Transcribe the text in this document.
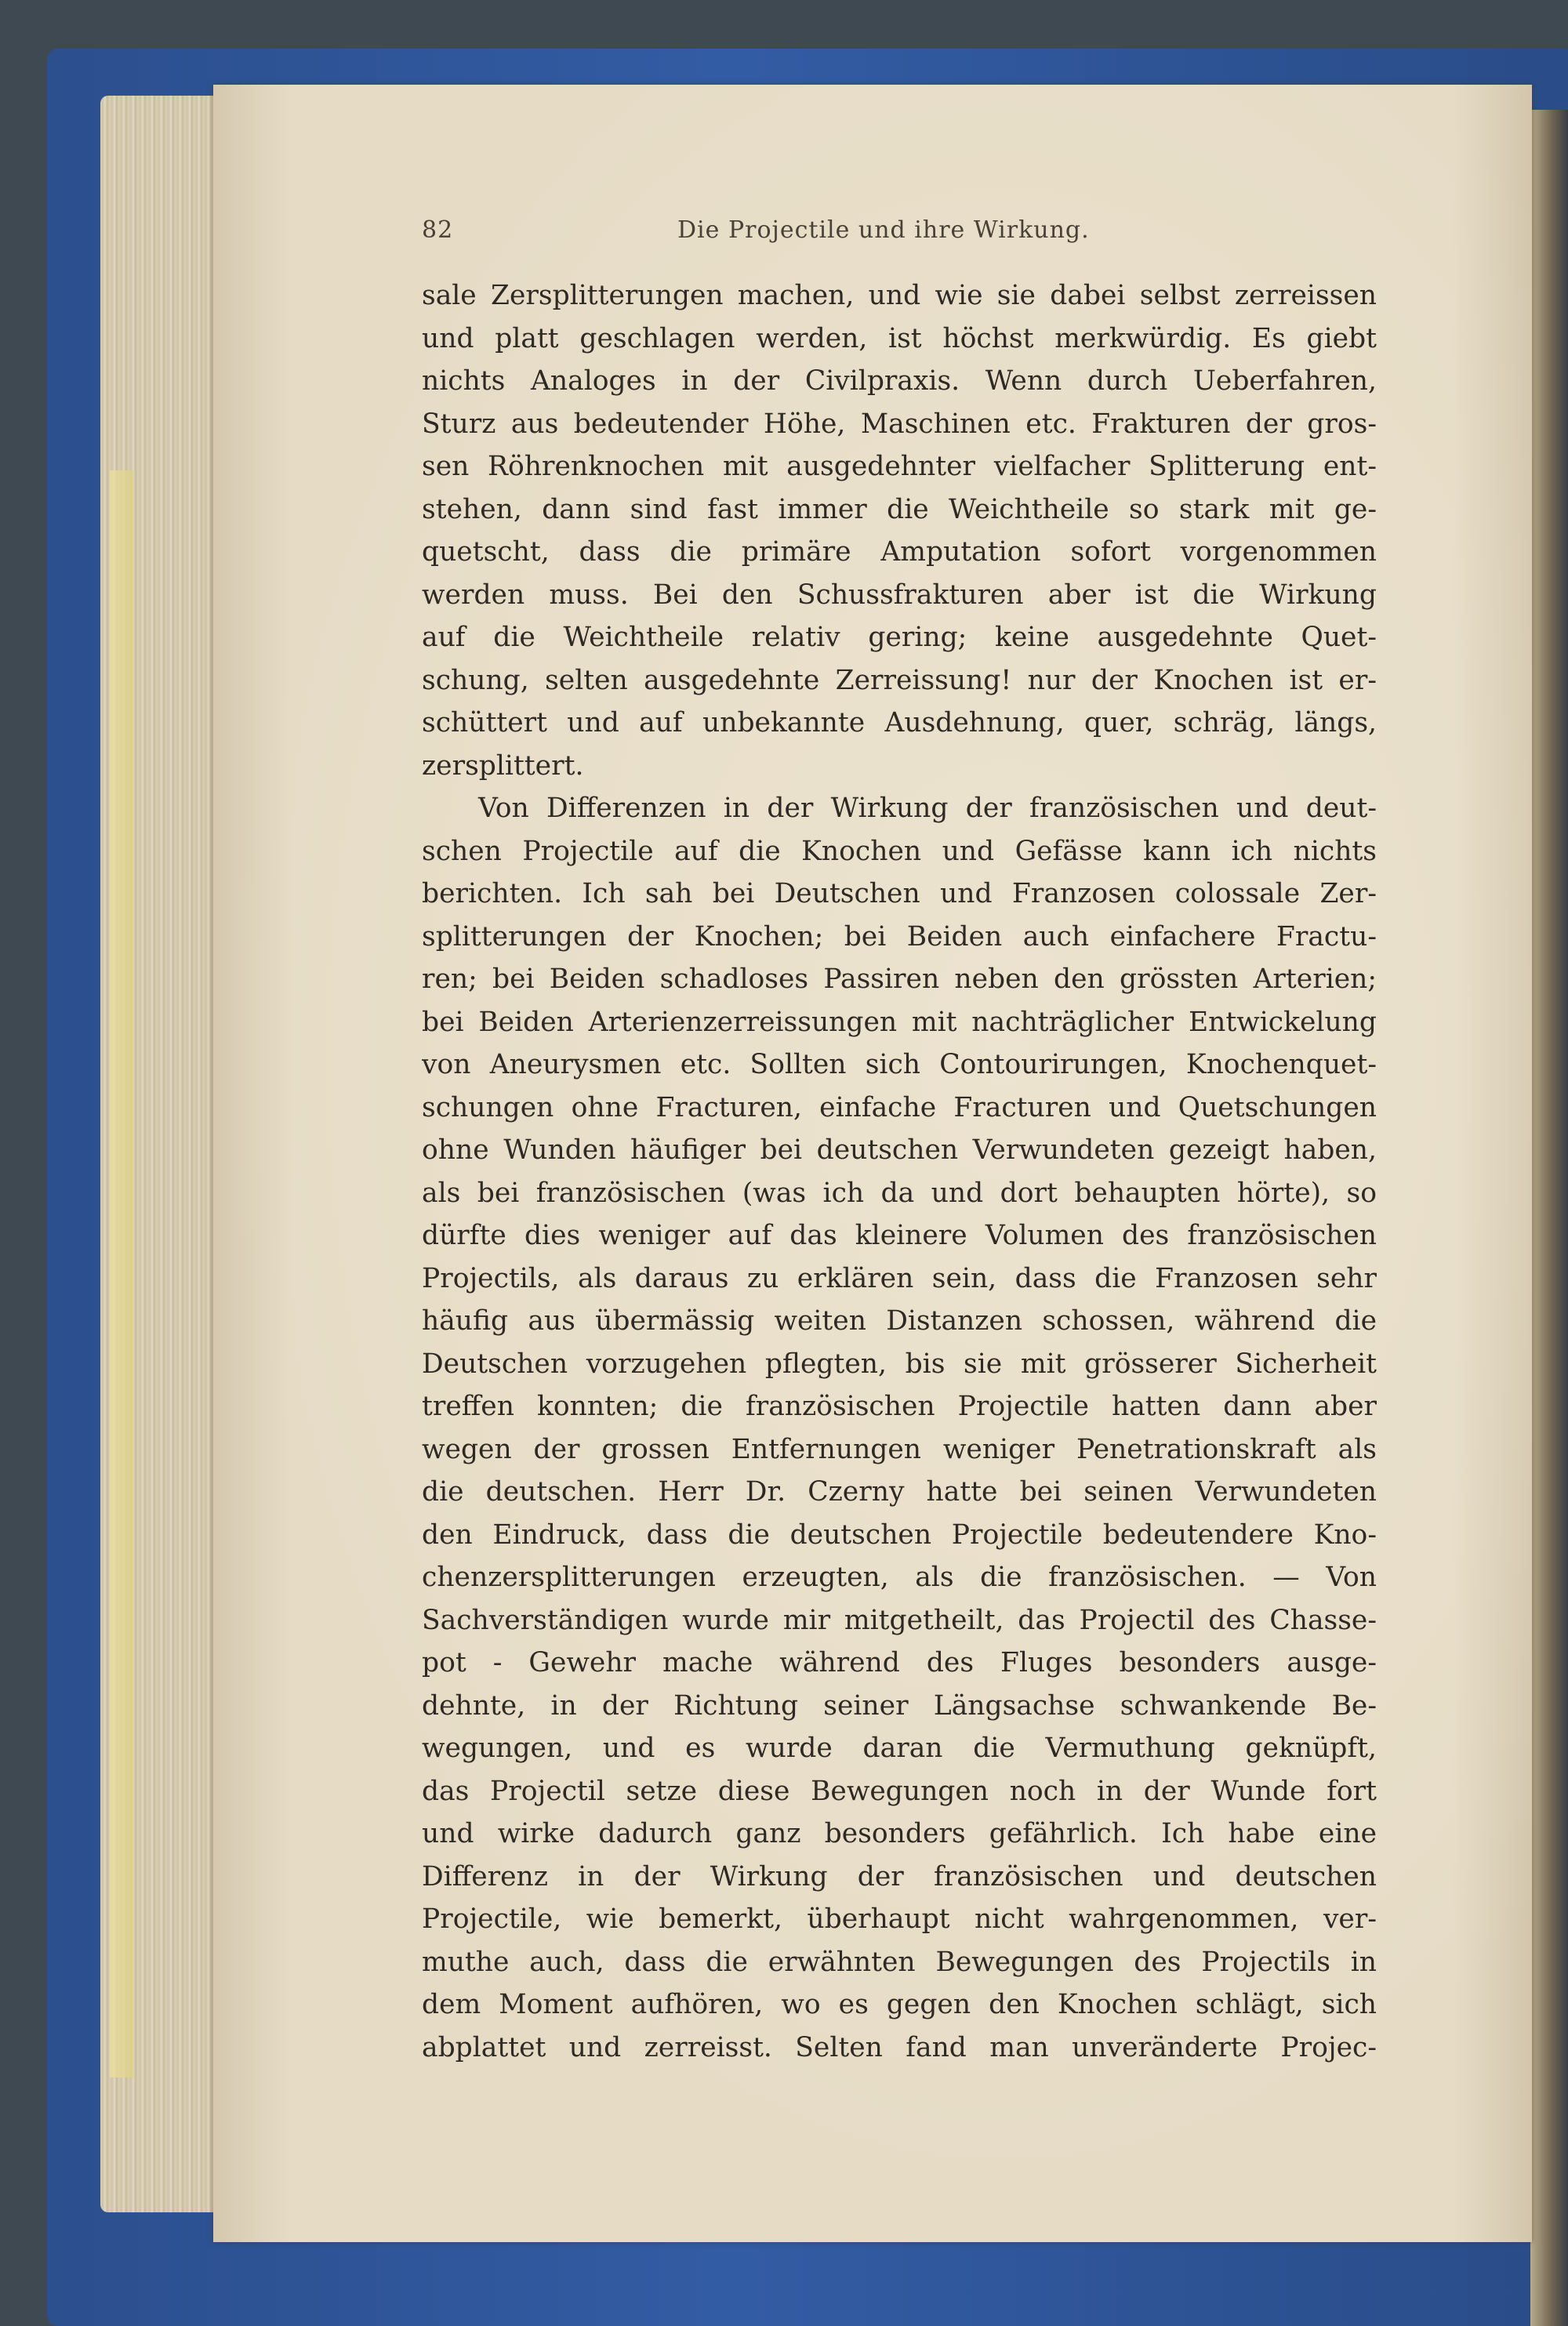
82	Die Projectile und ihre Wirkung.
sale Zersplitterungen machen, und wie sie dabei selbst zerreissen
und platt geschlagen werden, ist höchst merkwürdig. Es giebt
nichts Analoges in der Civilpraxis. Wenn durch Ueberfahren,
Sturz aus bedeutender Höhe, Maschinen etc. Frakturen der gros-
sen Röhrenknochen mit ausgedehnter vielfacher Splitterung ent-
stehen, dann sind fast immer die Weichtheile so stark mit ge-
quetscht, dass die primäre Amputation sofort vorgenommen
werden muss. Bei den Schussfrakturen aber ist die Wirkung
auf die Weichtheile relativ gering; keine ausgedehnte Quet-
schung, selten ausgedehnte Zerreissung! nur der Knochen ist er-
schüttert und auf unbekannte Ausdehnung, quer, schräg, längs,
zersplittert.
Von Differenzen in der Wirkung der französischen und deut-
schen Projectile auf die Knochen und Gefässe kann ich nichts
berichten. Ich sah bei Deutschen und Franzosen colossale Zer-
splitterungen der Knochen; bei Beiden auch einfachere Fractu-
ren; bei Beiden schadloses Passiren neben den grössten Arterien;
bei Beiden Arterienzerreissungen mit nachträglicher Entwickelung
von Aneurysmen etc. Sollten sich Contourirungen, Knochenquet-
schungen ohne Fracturen, einfache Fracturen und Quetschungen
ohne Wunden häufiger bei deutschen Verwundeten gezeigt haben,
als bei französischen (was ich da und dort behaupten hörte), so
dürfte dies weniger auf das kleinere Volumen des französischen
Projectils, als daraus zu erklären sein, dass die Franzosen sehr
häufig aus übermässig weiten Distanzen schossen, während die
Deutschen vorzugehen pflegten, bis sie mit grösserer Sicherheit
treffen konnten; die französischen Projectile hatten dann aber
wegen der grossen Entfernungen weniger Penetrationskraft als
die deutschen. Herr Dr. Czerny hatte bei seinen Verwundeten
den Eindruck, dass die deutschen Projectile bedeutendere Kno-
chenzersplitterungen erzeugten, als die französischen. — Von
Sachverständigen wurde mir mitgetheilt, das Projectil des Chasse-
pot - Gewehr mache während des Fluges besonders ausge-
dehnte, in der Richtung seiner Längsachse schwankende Be-
wegungen, und es wurde daran die Vermuthung geknüpft,
das Projectil setze diese Bewegungen noch in der Wunde fort
und wirke dadurch ganz besonders gefährlich. Ich habe eine
Differenz in der Wirkung der französischen und deutschen
Projectile, wie bemerkt, überhaupt nicht wahrgenommen, ver-
muthe auch, dass die erwähnten Bewegungen des Projectils in
dem Moment aufhören, wo es gegen den Knochen schlägt, sich
abplattet und zerreisst. Selten fand man unveränderte Projec-
